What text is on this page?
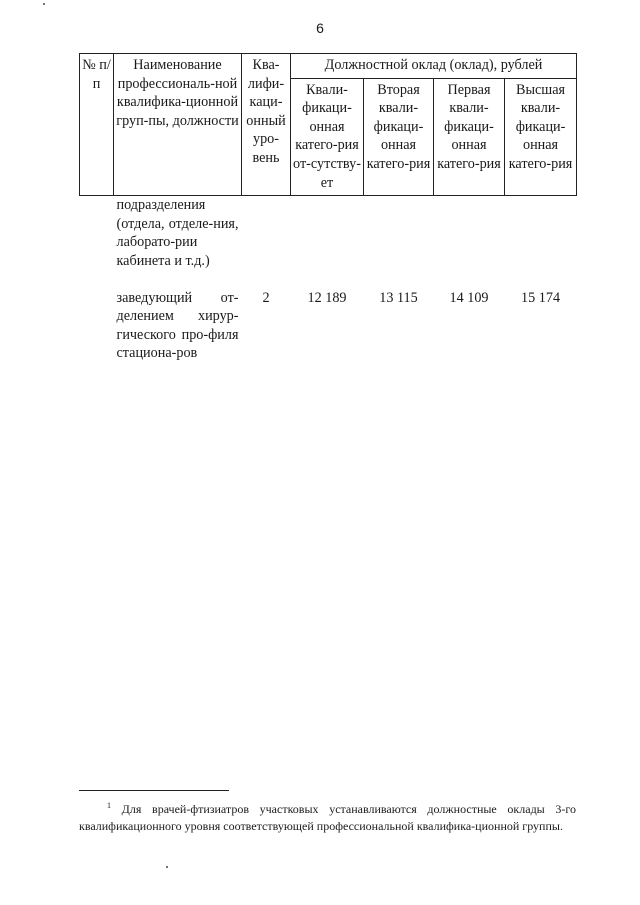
6
№ п/п	Наименование профессиональ-ной квалифика-ционной груп-пы, должности	Ква-лифи-каци-онный уро-вень	Должностной оклад (оклад), рублей			
			Квали-фикаци-онная катего-рия от-сутству-ет	Вторая квали-фикаци-онная катего-рия	Первая квали-фикаци-онная катего-рия	Высшая квали-фикаци-онная катего-рия
	подразделения (отдела, отделе-ния, лаборато-рии кабинета и т.д.)					
	заведующий от-делением хирур-гического про-филя стационa-ров	2	12 189	13 115	14 109	15 174
$^1$ Для врачей-фтизиатров участковых устанавливаются должностные оклады 3-го квалификационного уровня соответствующей профессиональной квалифика-ционной группы.
